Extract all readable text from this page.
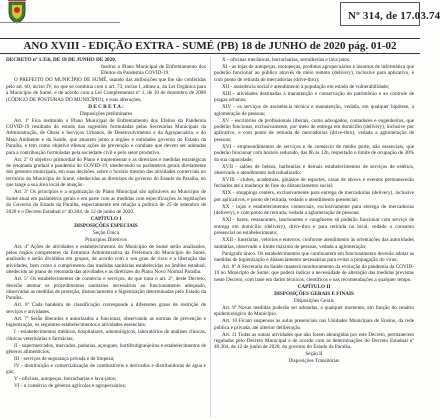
Nº 314, de 17.03.74
ANO XVIII - EDIÇÃO EXTRA - SUMÉ (PB) 18 de JUNHO de 2020 pág. 01-02

DECRETO nº 1.356, DE 18 DE JUNHO DE 2020.

Institui o Plano Municipal de Enfrentamento dos Efeitos da Pandemia COVID-19.

O PREFEITO DO MUNICÍPIO DE SUMÉ, usando das atribuições que lhe são conferidas pelo art. 60, inciso IV, no que se combina com o art. 73, inciso I, alínea a, da Lei Orgânica para a Municipio de Sumé, e de acordo com a Lei Complementar nº 1, de 10 de dezembro de 2008 (CÓDIGO DE POSTURAS DO MUNICÍPIO), e suas alterações,

D E C R E T A :

Disposições preliminares

Art. 1º Fica instituído o Plano Municipal de Enfrentamento dos Efeitos da Pandemia COVID-19 resultado do estudo das sugestões formuladas pelas Secretarias Municipais da Administração, de Obras e Serviços Urbanos, de Desenvolvimento e da Agropecuária, e do Meio Ambiente e da Saúde, que atuarem junto a órgãos e entidades governo do Estado da Paraíba, e tem como objetivo efetuar ações de prevenção e combate que devem ser adotadas para a contribuição formuladas pela sociedade civil e pelo setor produtivo.

Art. 2º O objetivo primordial do Plano é implementar e as diretrizes e medidas estratégicas de retomada gradual a pandemia do COVID-19, obedecendo os parâmetros gerais diretamente dos gestores municipais, em suas decisões, sobre o horário mesmo das atividades comerciais no território do Município de Sumé, obedecidas as diretrizes do governo do Estado da Paraíba, no que tange a sua área local de atuação.

Art. 3º Os princípios e a organização do Plano Municipal são aplicáveis no Município de Sumé atual em parâmetros gerais e em parte com as medidas com especificações às legislações do Governo do Estado da Paraíba, especialmente em relação à política de 25 de setembro de 2020 e o Decreto Estadual nº 40.304, de 12 de junho de 2020.

CAPÍTULO I

DISPOSIÇÕES ESPECIAIS

Seção Única

Princípios Diretivos

Art. 4º Ações de atividades e estabelecimentos do Município de Sumé serão analisados, pelos órgãos competentes da Estrutura Administrativa da Prefeitura do Município de Sumé, analisado e serão divididos em grupos, de acordo com o seu grau de risco e a liberação das atividades, bem como o cumprimento das medidas sanitárias estabelecidas no âmbito estadual, obedecido ao plano de retomada das atividades e as diretrizes do Plano Novo Normal Paraíba.

Art. 5º Os estabelecimentos de comércio e serviços, de que trata o art. 2º, deste Decreto, deverão atentar os procedimentos sanitários necessários ao funcionamento adequado, observadas as medidas de proteção, distanciamento e higienização determinadas pelo Estado da Paraíba.

Art. 6º Cada bandeira de classificação corresponde a diferentes graus de restrição de serviços e atividades.

Art. 7º Serão liberados e autorizados a funcionar, observando as normas de prevenção e higienização, os seguintes estabelecimentos e atividades essenciais:

I - estabelecimentos médicos, hospitalares, odontológicos, laboratórios de análises clínicas, clínicas veterinárias e farmácias;

II - supermercados, mercados, padarias, açougues, hortifrutigranjeiros e estabelecimentos de gêneros alimentícios;

III - serviços de segurança privada e de limpeza;

IV - distribuição e comercialização de combustíveis e derivados e distribuidoras de água e gás;

V - oficinas, autopeças, borracharias e lava-jatos;

VI - o comércio de gêneros agrícolas e agropecuários;

X - oficinas mecânicas, borracharias, serralherias e lava jatos;

XI - as lojas de autopeças, motopeças, produtos agropecuários e insumos de informática que poderão funcionar ao público através de meio remoto (delivery), inclusive para aplicativo, e com ponto de retirada de mercadorias (drive-thru);

XII - assistência social e atendimento à população em estado de vulnerabilidade;

XIII - atividades destinadas à manutenção e conservação do patrimônio e ao controle de pragas urbanas;

XIV - os serviços de assistência técnica e manutenção, vedada, em qualquer hipótese, a aglomeração de pessoas;

XV - escritórios de profissionais liberais, como advogados, contadores e engenheiros, que poderão funcionar, exclusivamente, por meio de entrega em domicílio (delivery), inclusive por aplicativo, e com ponto de retirada de mercadorias (drive-thru), vedada a aglomeração de pessoas;

XVI - empreendimentos de serviços e de comércio de médio porte, não essenciais, que poderão funcionar com horário reduzido, das 8h às 12h, respeitado o limite de ocupação de 30% da sua capacidade;

XVII - salões de beleza, barbearias e demais estabelecimentos de serviços de estética, observado o atendimento individualizado;

XVIII - clubes, academias, ginásios de esportes, casas de shows e eventos permanecerão fechados até a mudança de fase do distanciamento social;

XIX - shoppings centers, exclusivamente para entrega de mercadorias (delivery), inclusive por aplicativos, e ponto de retirada, vedado o atendimento presencial;

XX - lojas e estabelecimentos comerciais, exclusivamente para entrega de mercadorias (delivery), e com ponto de retirada, vedada a aglomeração de pessoas;

XXI - bares, restaurantes, lanchonetes e congêneres só poderão funcionar com serviço de entrega em domicílio (delivery), drive-thru e para retirada no local, vedado o consumo presencial no estabelecimento;

XXII - funerárias, velórios e enterros, conforme atendimento às orientações das autoridades sanitárias, observado o limite máximo de pessoas, vedada a aglomeração;

Parágrafo único. Os estabelecimentos que continuarem em funcionamento deverão adotar as medidas de higienização e distanciamento necessárias para evitar a propagação do vírus;

Art. 8º A Secretaria da Saúde manterá monitoramento da evolução da pandemia da COVID-19 no Município de Sumé, que poderá indicar a necessidade de alteração das medidas previstas neste Decreto, com base em dados técnicos, científicos e nas recomendações a qualquer tempo.

CAPÍTULO II

DISPOSIÇÕES GERAIS E FINAIS

Disposições Gerais

Art. 9º Novas medidas poderão ser adotadas, a qualquer momento, em função do cenário epidemiológico do Município.

Art. 10 Ficam suspensos as aulas presenciais nas Unidades Municipais de Ensino, da rede pública e privada, até ulterior deliberação.

Art. 11 Todas as outras atividades que não forem abrangidas por este Decreto, permanecem reguladas pelo Decreto Municipal e de acordo com as determinações do Decreto Estadual nº 40.304, de 12 de junho de 2020, do governo do Estado da Paraíba.

Seção II

Disposições Transitórias
